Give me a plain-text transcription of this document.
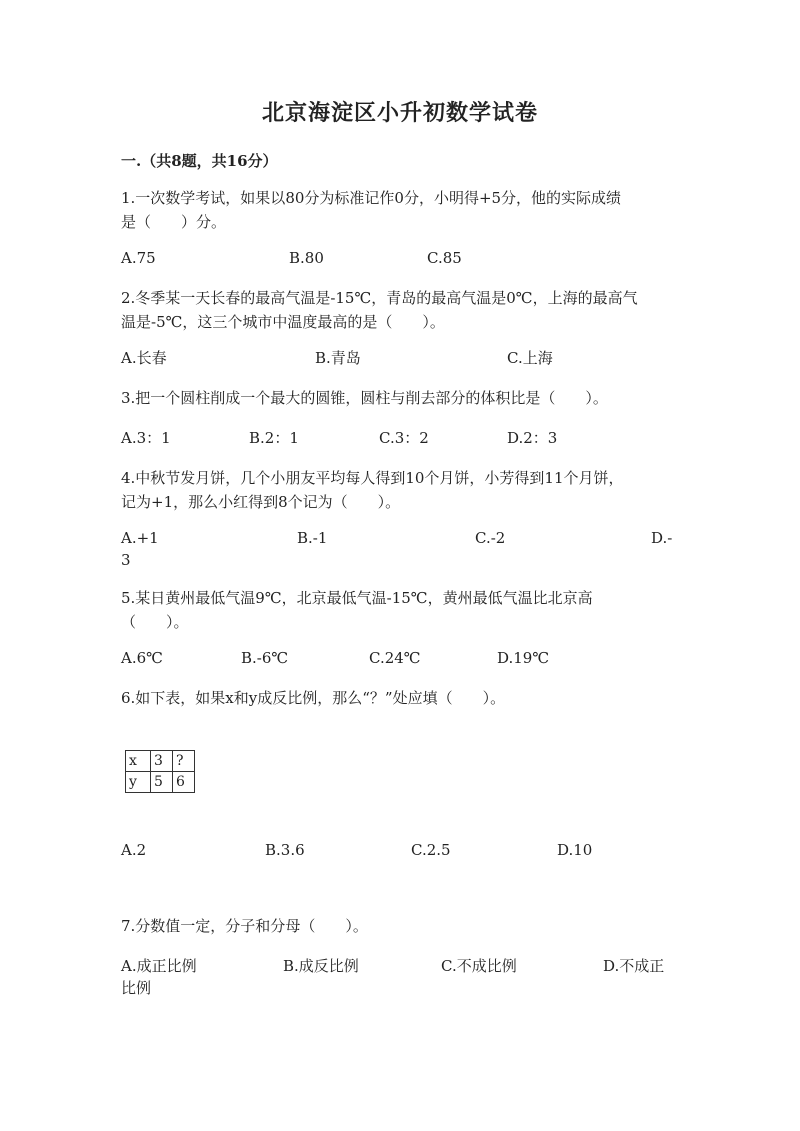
北京海淀区小升初数学试卷
一.（共8题，共16分）
1.一次数学考试，如果以80分为标准记作0分，小明得+5分，他的实际成绩
是（　　）分。
A.75	B.80	C.85
2.冬季某一天长春的最高气温是-15℃，青岛的最高气温是0℃，上海的最高气
温是-5℃，这三个城市中温度最高的是（　　）。
A.长春	B.青岛	C.上海
3.把一个圆柱削成一个最大的圆锥，圆柱与削去部分的体积比是（　　）。
A.3：1	B.2：1	C.3：2	D.2：3
4.中秋节发月饼，几个小朋友平均每人得到10个月饼，小芳得到11个月饼，
记为+1，那么小红得到8个记为（　　）。
A.+1	B.-1	C.-2	D.-
3
5.某日黄州最低气温9℃，北京最低气温-15℃，黄州最低气温比北京高
（　　）。
A.6℃	B.-6℃	C.24℃	D.19℃
6.如下表，如果x和y成反比例，那么“？”处应填（　　）。
x	3	?
y	5	6
A.2	B.3.6	C.2.5	D.10
7.分数值一定，分子和分母（　　）。
A.成正比例	B.成反比例	C.不成比例	D.不成正
比例
